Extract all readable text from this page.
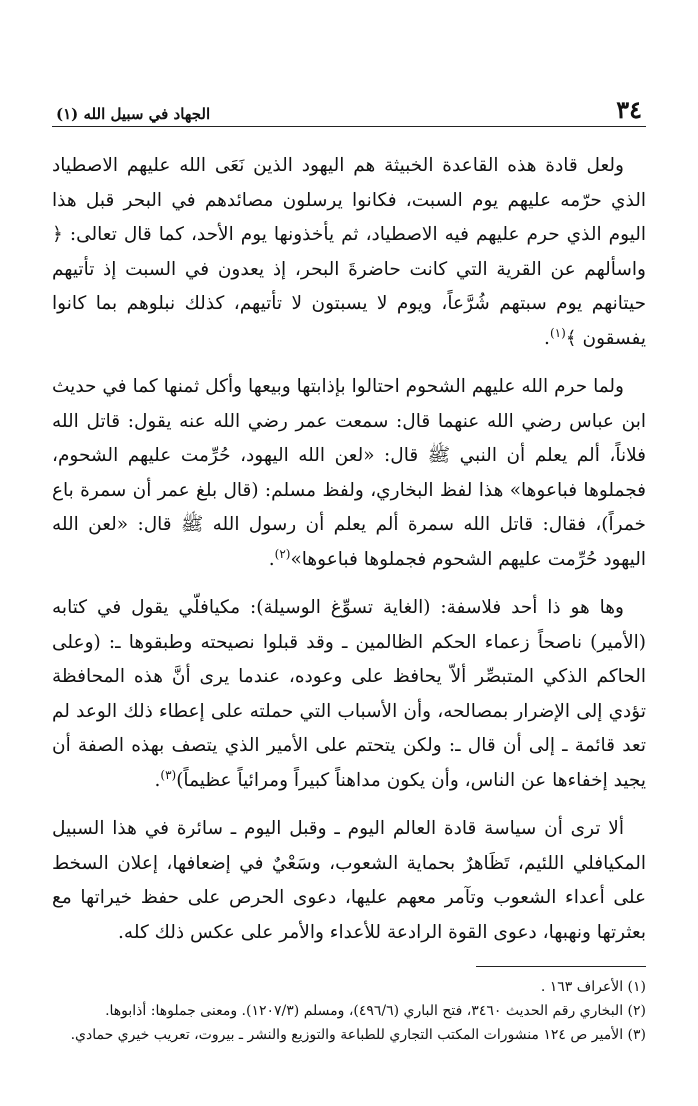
٣٤
الجهاد في سبيل الله (١)

ولعل قادة هذه القاعدة الخبيثة هم اليهود الذين نَعَى الله عليهم الاصطياد الذي حرّمه عليهم يوم السبت، فكانوا يرسلون مصائدهم في البحر قبل هذا اليوم الذي حرم عليهم فيه الاصطياد، ثم يأخذونها يوم الأحد، كما قال تعالى: ﴿ واسألهم عن القرية التي كانت حاضرةَ البحر، إذ يعدون في السبت إذ تأتيهم حيتانهم يوم سبتهم شُرَّعاً، ويوم لا يسبتون لا تأتيهم، كذلك نبلوهم بما كانوا يفسقون ﴾$^{(١)}$.

ولما حرم الله عليهم الشحوم احتالوا بإذابتها وبيعها وأكل ثمنها كما في حديث ابن عباس رضي الله عنهما قال: سمعت عمر رضي الله عنه يقول: قاتل الله فلاناً، ألم يعلم أن النبي ﷺ قال: «لعن الله اليهود، حُرِّمت عليهم الشحوم، فجملوها فباعوها» هذا لفظ البخاري، ولفظ مسلم: (قال بلغ عمر أن سمرة باع خمراً)، فقال: قاتل الله سمرة ألم يعلم أن رسول الله ﷺ قال: «لعن الله اليهود حُرِّمت عليهم الشحوم فجملوها فباعوها»$^{(٢)}$.

وها هو ذا أحد فلاسفة: (الغاية تسوِّغ الوسيلة): مكيافلّي يقول في كتابه (الأمير) ناصحاً زعماء الحكم الظالمين ـ وقد قبلوا نصيحته وطبقوها ـ: (وعلى الحاكم الذكي المتبصِّر ألاّ يحافظ على وعوده، عندما يرى أنَّ هذه المحافظة تؤدي إلى الإضرار بمصالحه، وأن الأسباب التي حملته على إعطاء ذلك الوعد لم تعد قائمة ـ إلى أن قال ـ: ولكن يتحتم على الأمير الذي يتصف بهذه الصفة أن يجيد إخفاءها عن الناس، وأن يكون مداهناً كبيراً ومرائياً عظيماً)$^{(٣)}$.

ألا ترى أن سياسة قادة العالم اليوم ـ وقبل اليوم ـ سائرة في هذا السبيل المكيافلي اللئيم، تَظَاهرٌ بحماية الشعوب، وسَعْيٌ في إضعافها، إعلان السخط على أعداء الشعوب وتآمر معهم عليها، دعوى الحرص على حفظ خيراتها مع بعثرتها ونهبها، دعوى القوة الرادعة للأعداء والأمر على عكس ذلك كله.

(١) الأعراف ١٦٣ .

(٢) البخاري رقم الحديث ٣٤٦٠، فتح الباري (٤٩٦/٦)، ومسلم (١٢٠٧/٣). ومعنى جملوها: أذابوها.

(٣) الأمير ص ١٢٤ منشورات المكتب التجاري للطباعة والتوزيع والنشر ـ بيروت، تعريب خيري حمادي.
